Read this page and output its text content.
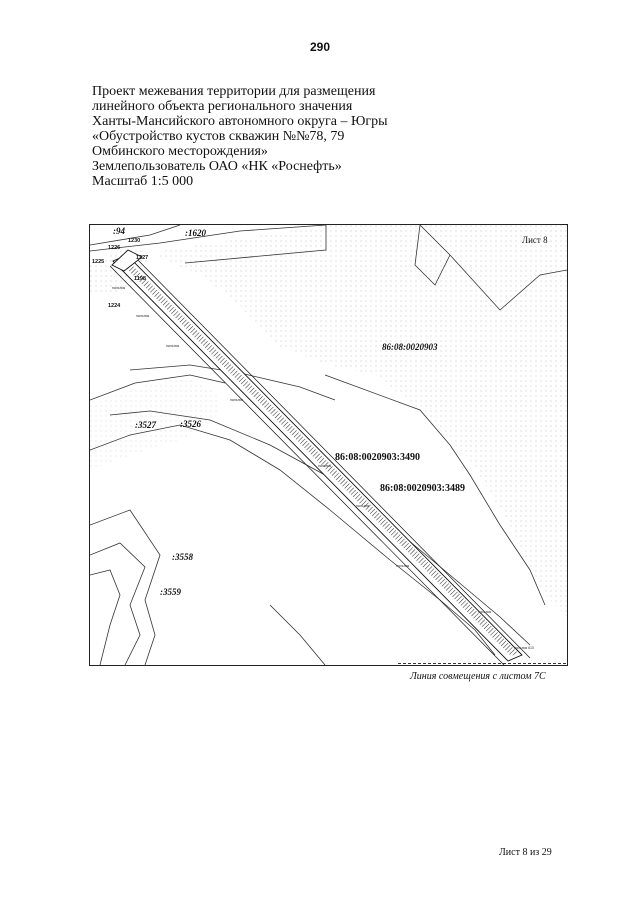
290
Проект межевания территории для размещения
линейного объекта регионального значения
Ханты-Мансийского автономного округа – Югры
«Обустройство кустов скважин №№78, 79
Омбинского месторождения»
Землепользователь ОАО «НК «Роснефть»
Масштаб 1:5 000
:1620
:94
86:08:0020903
86:08:0020903:3490
86:08:0020903:3489
:3527	:3526
:3558
:3559
Лист 8
1230
1226
1225
1227
1224
1198
пальник
пальник
пальник
пальник
пальник
пальник
пальник
пальник
пальник 610
Линия совмещения с листом 7С
Лист 8 из 29
